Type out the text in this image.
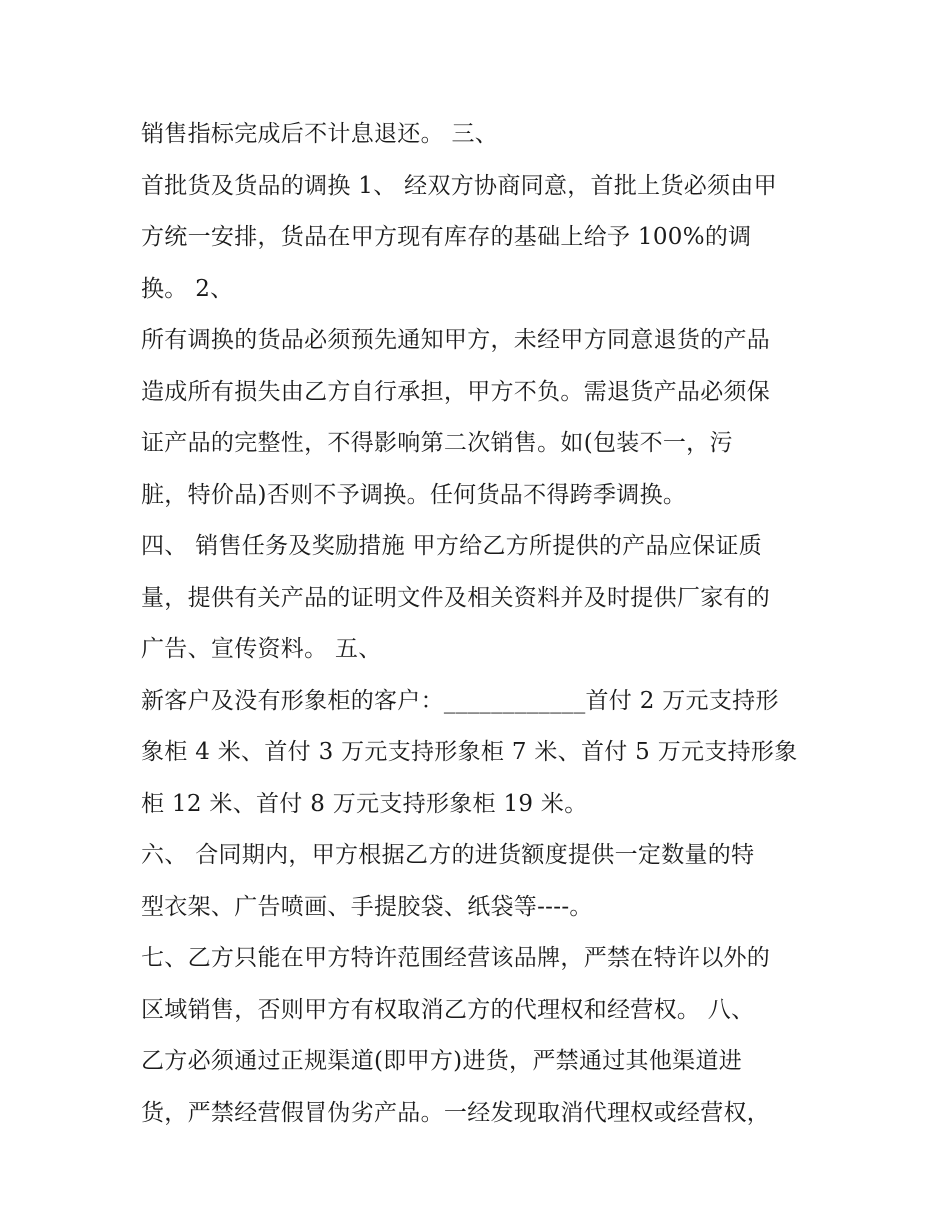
销售指标完成后不计息退还。 三、
首批货及货品的调换 1、 经双方协商同意，首批上货必须由甲
方统一安排，货品在甲方现有库存的基础上给予 100%的调
换。 2、
所有调换的货品必须预先通知甲方，未经甲方同意退货的产品
造成所有损失由乙方自行承担，甲方不负。需退货产品必须保
证产品的完整性，不得影响第二次销售。如(包装不一，污
脏，特价品)否则不予调换。任何货品不得跨季调换。
四、 销售任务及奖励措施 甲方给乙方所提供的产品应保证质
量，提供有关产品的证明文件及相关资料并及时提供厂家有的
广告、宣传资料。 五、
新客户及没有形象柜的客户：____________首付 2 万元支持形
象柜 4 米、首付 3 万元支持形象柜 7 米、首付 5 万元支持形象
柜 12 米、首付 8 万元支持形象柜 19 米。
六、 合同期内，甲方根据乙方的进货额度提供一定数量的特
型衣架、广告喷画、手提胶袋、纸袋等----。
七、乙方只能在甲方特许范围经营该品牌，严禁在特许以外的
区域销售，否则甲方有权取消乙方的代理权和经营权。 八、
乙方必须通过正规渠道(即甲方)进货，严禁通过其他渠道进
货，严禁经营假冒伪劣产品。一经发现取消代理权或经营权，
